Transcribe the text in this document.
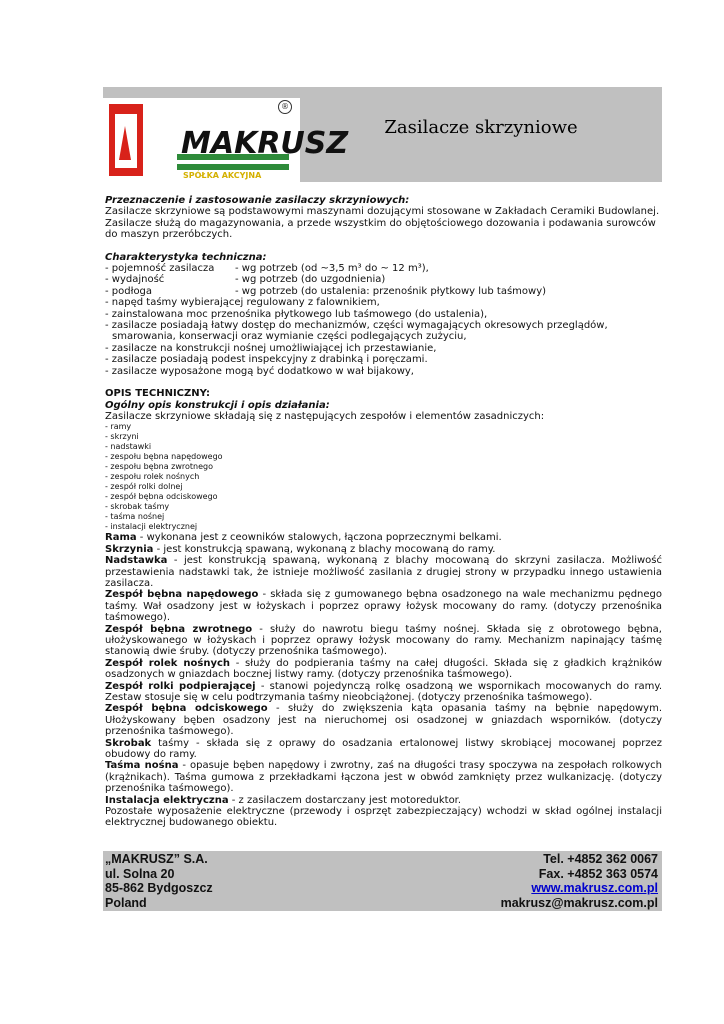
MAKRUSZ
SPÓŁKA AKCYJNA
®
Zasilacze skrzyniowe

Przeznaczenie i zastosowanie zasilaczy skrzyniowych:

Zasilacze skrzyniowe są podstawowymi maszynami dozującymi stosowane w Zakładach Ceramiki Budowlanej.

Zasilacze służą do magazynowania, a przede wszystkim do objętościowego dozowania i podawania surowców do maszyn przeróbczych.

Charakterystyka techniczna:

- pojemność zasilacza	- wg potrzeb (od ~3,5 m³ do ~ 12 m³),
- wydajność	- wg potrzeb (do uzgodnienia)
- podłoga	- wg potrzeb (do ustalenia: przenośnik płytkowy lub taśmowy)

- napęd taśmy wybierającej regulowany z falownikiem,

- zainstalowana moc przenośnika płytkowego lub taśmowego (do ustalenia),

- zasilacze posiadają łatwy dostęp do mechanizmów, części wymagających okresowych przeglądów,

smarowania, konserwacji oraz wymianie części podlegających zużyciu,

- zasilacze na konstrukcji nośnej umożliwiającej ich przestawianie,

- zasilacze posiadają podest inspekcyjny z drabinką i poręczami.

- zasilacze wyposażone mogą być dodatkowo w wał bijakowy,

OPIS TECHNICZNY:

Ogólny opis konstrukcji i opis działania:

Zasilacze skrzyniowe składają się z następujących zespołów i elementów zasadniczych:

- ramy
- skrzyni
- nadstawki
- zespołu bębna napędowego
- zespołu bębna zwrotnego
- zespołu rolek nośnych
- zespół rolki dolnej
- zespół bębna odciskowego
- skrobak taśmy
- taśma nośnej
- instalacji elektrycznej

Rama - wykonana jest z ceowników stalowych, łączona poprzecznymi belkami.

Skrzynia - jest konstrukcją spawaną, wykonaną z blachy mocowaną do ramy.

Nadstawka - jest konstrukcją spawaną, wykonaną z blachy mocowaną do skrzyni zasilacza. Możliwość przestawienia nadstawki tak, że istnieje możliwość zasilania z drugiej strony w przypadku innego ustawienia zasilacza.

Zespół bębna napędowego - składa się z gumowanego bębna osadzonego na wale mechanizmu pędnego taśmy. Wał osadzony jest w łożyskach i poprzez oprawy łożysk mocowany do ramy. (dotyczy przenośnika taśmowego).

Zespół bębna zwrotnego - służy do nawrotu biegu taśmy nośnej. Składa się z obrotowego bębna, ułożyskowanego w łożyskach i poprzez oprawy łożysk mocowany do ramy. Mechanizm napinający taśmę stanowią dwie śruby. (dotyczy przenośnika taśmowego).

Zespół rolek nośnych - służy do podpierania taśmy na całej długości. Składa się z gładkich krążników osadzonych w gniazdach bocznej listwy ramy. (dotyczy przenośnika taśmowego).

Zespół rolki podpierającej - stanowi pojedynczą rolkę osadzoną we wspornikach mocowanych do ramy. Zestaw stosuje się w celu podtrzymania taśmy nieobciążonej. (dotyczy przenośnika taśmowego).

Zespół bębna odciskowego - służy do zwiększenia kąta opasania taśmy na bębnie napędowym. Ułożyskowany bęben osadzony jest na nieruchomej osi osadzonej w gniazdach wsporników. (dotyczy przenośnika taśmowego).

Skrobak taśmy - składa się z oprawy do osadzania ertalonowej listwy skrobiącej mocowanej poprzez obudowy do ramy.

Taśma nośna - opasuje bęben napędowy i zwrotny, zaś na długości trasy spoczywa na zespołach rolkowych (krążnikach). Taśma gumowa z przekładkami łączona jest w obwód zamknięty przez wulkanizację. (dotyczy przenośnika taśmowego).

Instalacja elektryczna - z zasilaczem dostarczany jest motoreduktor.

Pozostałe wyposażenie elektryczne (przewody i osprzęt zabezpieczający) wchodzi w skład ogólnej instalacji elektrycznej budowanego obiektu.

„MAKRUSZ” S.A.
ul. Solna 20
85-862 Bydgoszcz
Poland
Tel. +4852 362 0067
Fax. +4852 363 0574
www.makrusz.com.pl
makrusz@makrusz.com.pl
